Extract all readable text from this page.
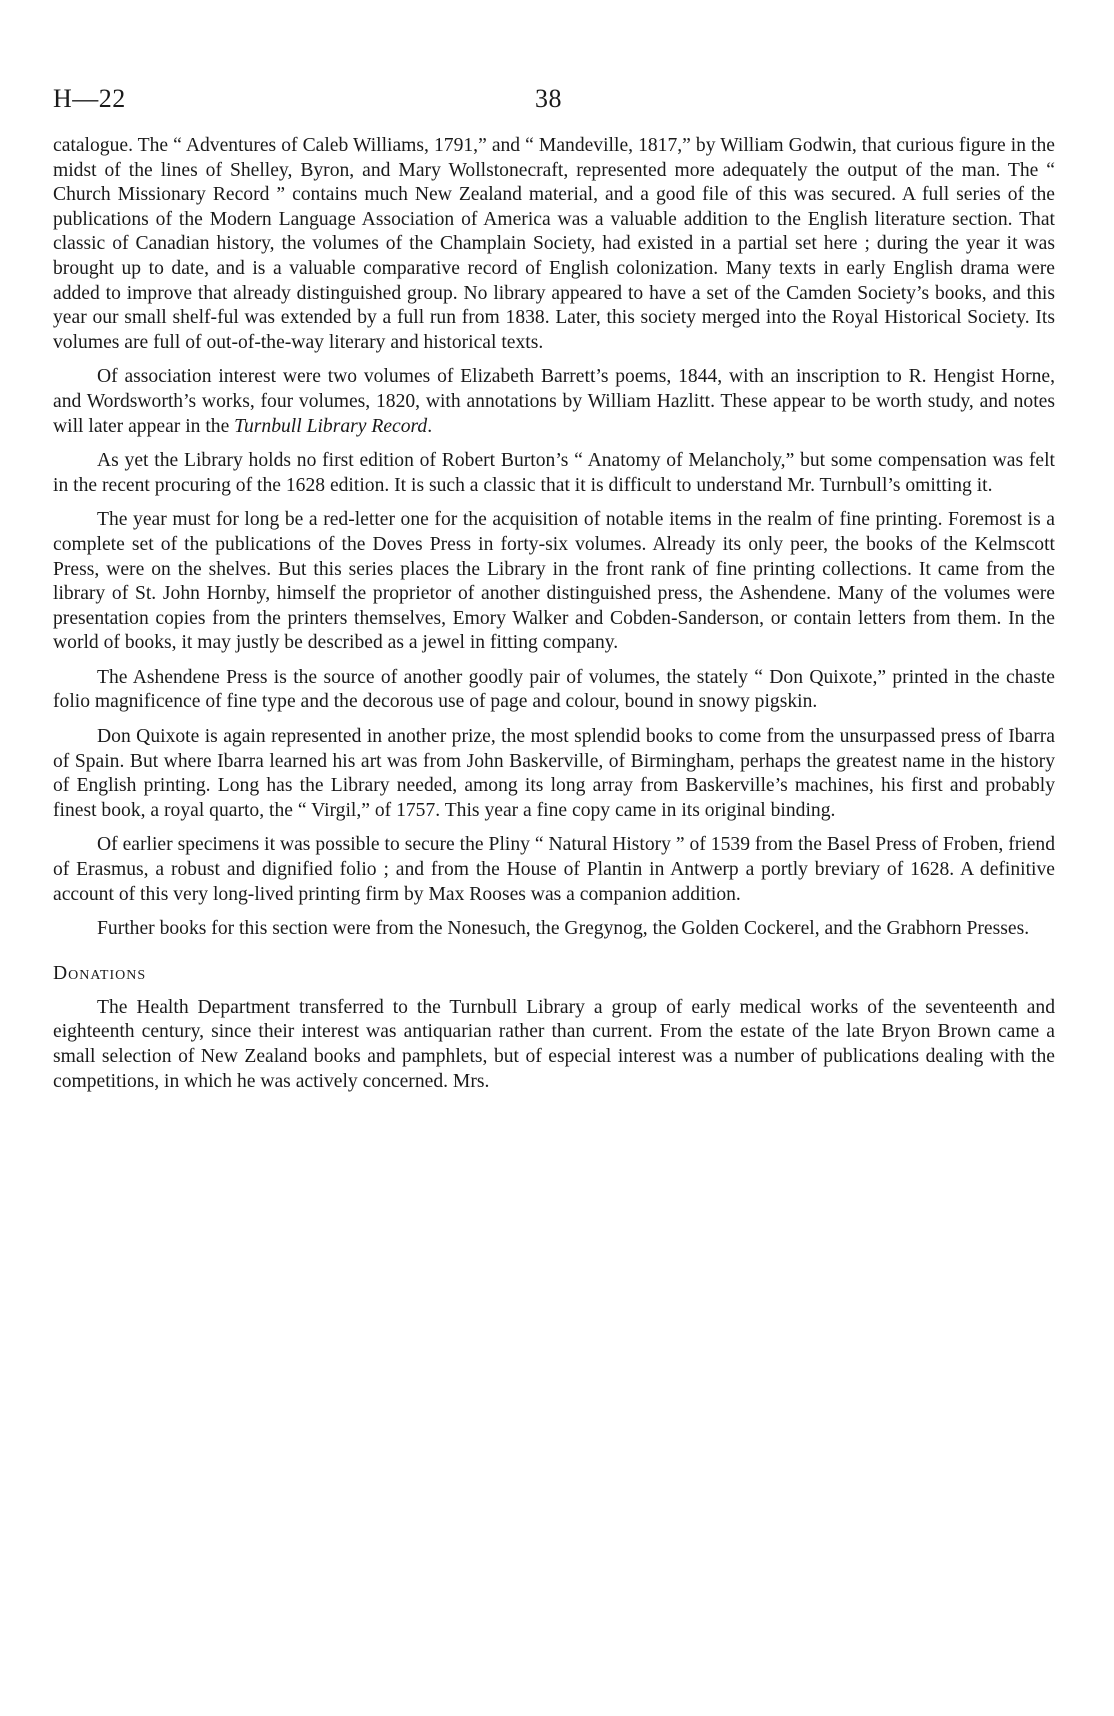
H—22	38

catalogue. The “ Adventures of Caleb Williams, 1791,” and “ Mandeville, 1817,” by William Godwin, that curious figure in the midst of the lines of Shelley, Byron, and Mary Wollstonecraft, represented more adequately the output of the man. The “ Church Missionary Record ” contains much New Zealand material, and a good file of this was secured. A full series of the publications of the Modern Language Association of America was a valuable addition to the English literature section. That classic of Canadian history, the volumes of the Champlain Society, had existed in a partial set here ; during the year it was brought up to date, and is a valuable comparative record of English colonization. Many texts in early English drama were added to improve that already distinguished group. No library appeared to have a set of the Camden Society’s books, and this year our small shelf-ful was extended by a full run from 1838. Later, this society merged into the Royal Historical Society. Its volumes are full of out-of-the-way literary and historical texts.

Of association interest were two volumes of Elizabeth Barrett’s poems, 1844, with an inscription to R. Hengist Horne, and Wordsworth’s works, four volumes, 1820, with annotations by William Hazlitt. These appear to be worth study, and notes will later appear in the Turnbull Library Record.

As yet the Library holds no first edition of Robert Burton’s “ Anatomy of Melancholy,” but some compensation was felt in the recent procuring of the 1628 edition. It is such a classic that it is difficult to understand Mr. Turnbull’s omitting it.

The year must for long be a red-letter one for the acquisition of notable items in the realm of fine printing. Foremost is a complete set of the publications of the Doves Press in forty-six volumes. Already its only peer, the books of the Kelmscott Press, were on the shelves. But this series places the Library in the front rank of fine printing collections. It came from the library of St. John Hornby, himself the proprietor of another distinguished press, the Ashendene. Many of the volumes were presentation copies from the printers themselves, Emory Walker and Cobden-Sanderson, or contain letters from them. In the world of books, it may justly be described as a jewel in fitting company.

The Ashendene Press is the source of another goodly pair of volumes, the stately “ Don Quixote,” printed in the chaste folio magnificence of fine type and the decorous use of page and colour, bound in snowy pigskin.

Don Quixote is again represented in another prize, the most splendid books to come from the unsurpassed press of Ibarra of Spain. But where Ibarra learned his art was from John Baskerville, of Birmingham, perhaps the greatest name in the history of English printing. Long has the Library needed, among its long array from Baskerville’s machines, his first and probably finest book, a royal quarto, the “ Virgil,” of 1757. This year a fine copy came in its original binding.

Of earlier specimens it was possible to secure the Pliny “ Natural History ” of 1539 from the Basel Press of Froben, friend of Erasmus, a robust and dignified folio ; and from the House of Plantin in Antwerp a portly breviary of 1628. A definitive account of this very long-lived printing firm by Max Rooses was a companion addition.

Further books for this section were from the Nonesuch, the Gregynog, the Golden Cockerel, and the Grabhorn Presses.

Donations

The Health Department transferred to the Turnbull Library a group of early medical works of the seventeenth and eighteenth century, since their interest was antiquarian rather than current. From the estate of the late Bryon Brown came a small selection of New Zealand books and pamphlets, but of especial interest was a number of publications dealing with the competitions, in which he was actively concerned. Mrs.
